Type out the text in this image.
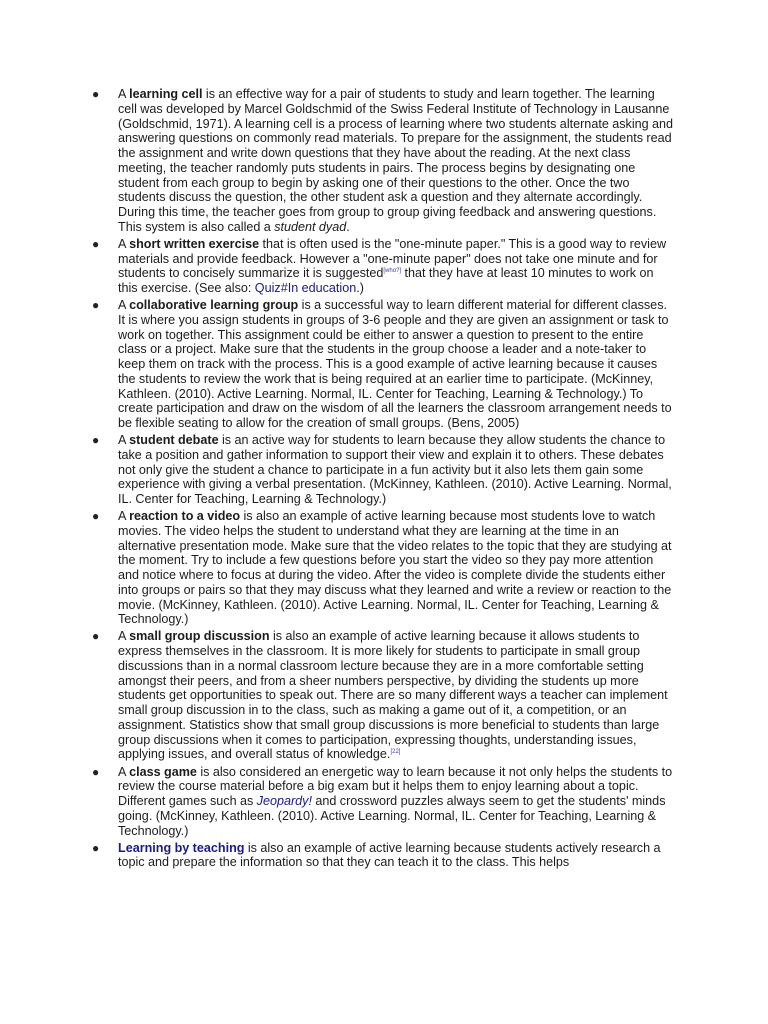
● A learning cell is an effective way for a pair of students to study and learn together. The learning cell was developed by Marcel Goldschmid of the Swiss Federal Institute of Technology in Lausanne (Goldschmid, 1971). A learning cell is a process of learning where two students alternate asking and answering questions on commonly read materials. To prepare for the assignment, the students read the assignment and write down questions that they have about the reading. At the next class meeting, the teacher randomly puts students in pairs. The process begins by designating one student from each group to begin by asking one of their questions to the other. Once the two students discuss the question, the other student ask a question and they alternate accordingly. During this time, the teacher goes from group to group giving feedback and answering questions. This system is also called a student dyad.
● A short written exercise that is often used is the "one-minute paper." This is a good way to review materials and provide feedback. However a "one-minute paper" does not take one minute and for students to concisely summarize it is suggested[who?] that they have at least 10 minutes to work on this exercise. (See also: Quiz#In education.)
● A collaborative learning group is a successful way to learn different material for different classes. It is where you assign students in groups of 3-6 people and they are given an assignment or task to work on together. This assignment could be either to answer a question to present to the entire class or a project. Make sure that the students in the group choose a leader and a note-taker to keep them on track with the process. This is a good example of active learning because it causes the students to review the work that is being required at an earlier time to participate. (McKinney, Kathleen. (2010). Active Learning. Normal, IL. Center for Teaching, Learning & Technology.) To create participation and draw on the wisdom of all the learners the classroom arrangement needs to be flexible seating to allow for the creation of small groups. (Bens, 2005)
● A student debate is an active way for students to learn because they allow students the chance to take a position and gather information to support their view and explain it to others. These debates not only give the student a chance to participate in a fun activity but it also lets them gain some experience with giving a verbal presentation. (McKinney, Kathleen. (2010). Active Learning. Normal, IL. Center for Teaching, Learning & Technology.)
● A reaction to a video is also an example of active learning because most students love to watch movies. The video helps the student to understand what they are learning at the time in an alternative presentation mode. Make sure that the video relates to the topic that they are studying at the moment. Try to include a few questions before you start the video so they pay more attention and notice where to focus at during the video. After the video is complete divide the students either into groups or pairs so that they may discuss what they learned and write a review or reaction to the movie. (McKinney, Kathleen. (2010). Active Learning. Normal, IL. Center for Teaching, Learning & Technology.)
● A small group discussion is also an example of active learning because it allows students to express themselves in the classroom. It is more likely for students to participate in small group discussions than in a normal classroom lecture because they are in a more comfortable setting amongst their peers, and from a sheer numbers perspective, by dividing the students up more students get opportunities to speak out. There are so many different ways a teacher can implement small group discussion in to the class, such as making a game out of it, a competition, or an assignment. Statistics show that small group discussions is more beneficial to students than large group discussions when it comes to participation, expressing thoughts, understanding issues, applying issues, and overall status of knowledge.[22]
● A class game is also considered an energetic way to learn because it not only helps the students to review the course material before a big exam but it helps them to enjoy learning about a topic. Different games such as Jeopardy! and crossword puzzles always seem to get the students' minds going. (McKinney, Kathleen. (2010). Active Learning. Normal, IL. Center for Teaching, Learning & Technology.)
● Learning by teaching is also an example of active learning because students actively research a topic and prepare the information so that they can teach it to the class. This helps
